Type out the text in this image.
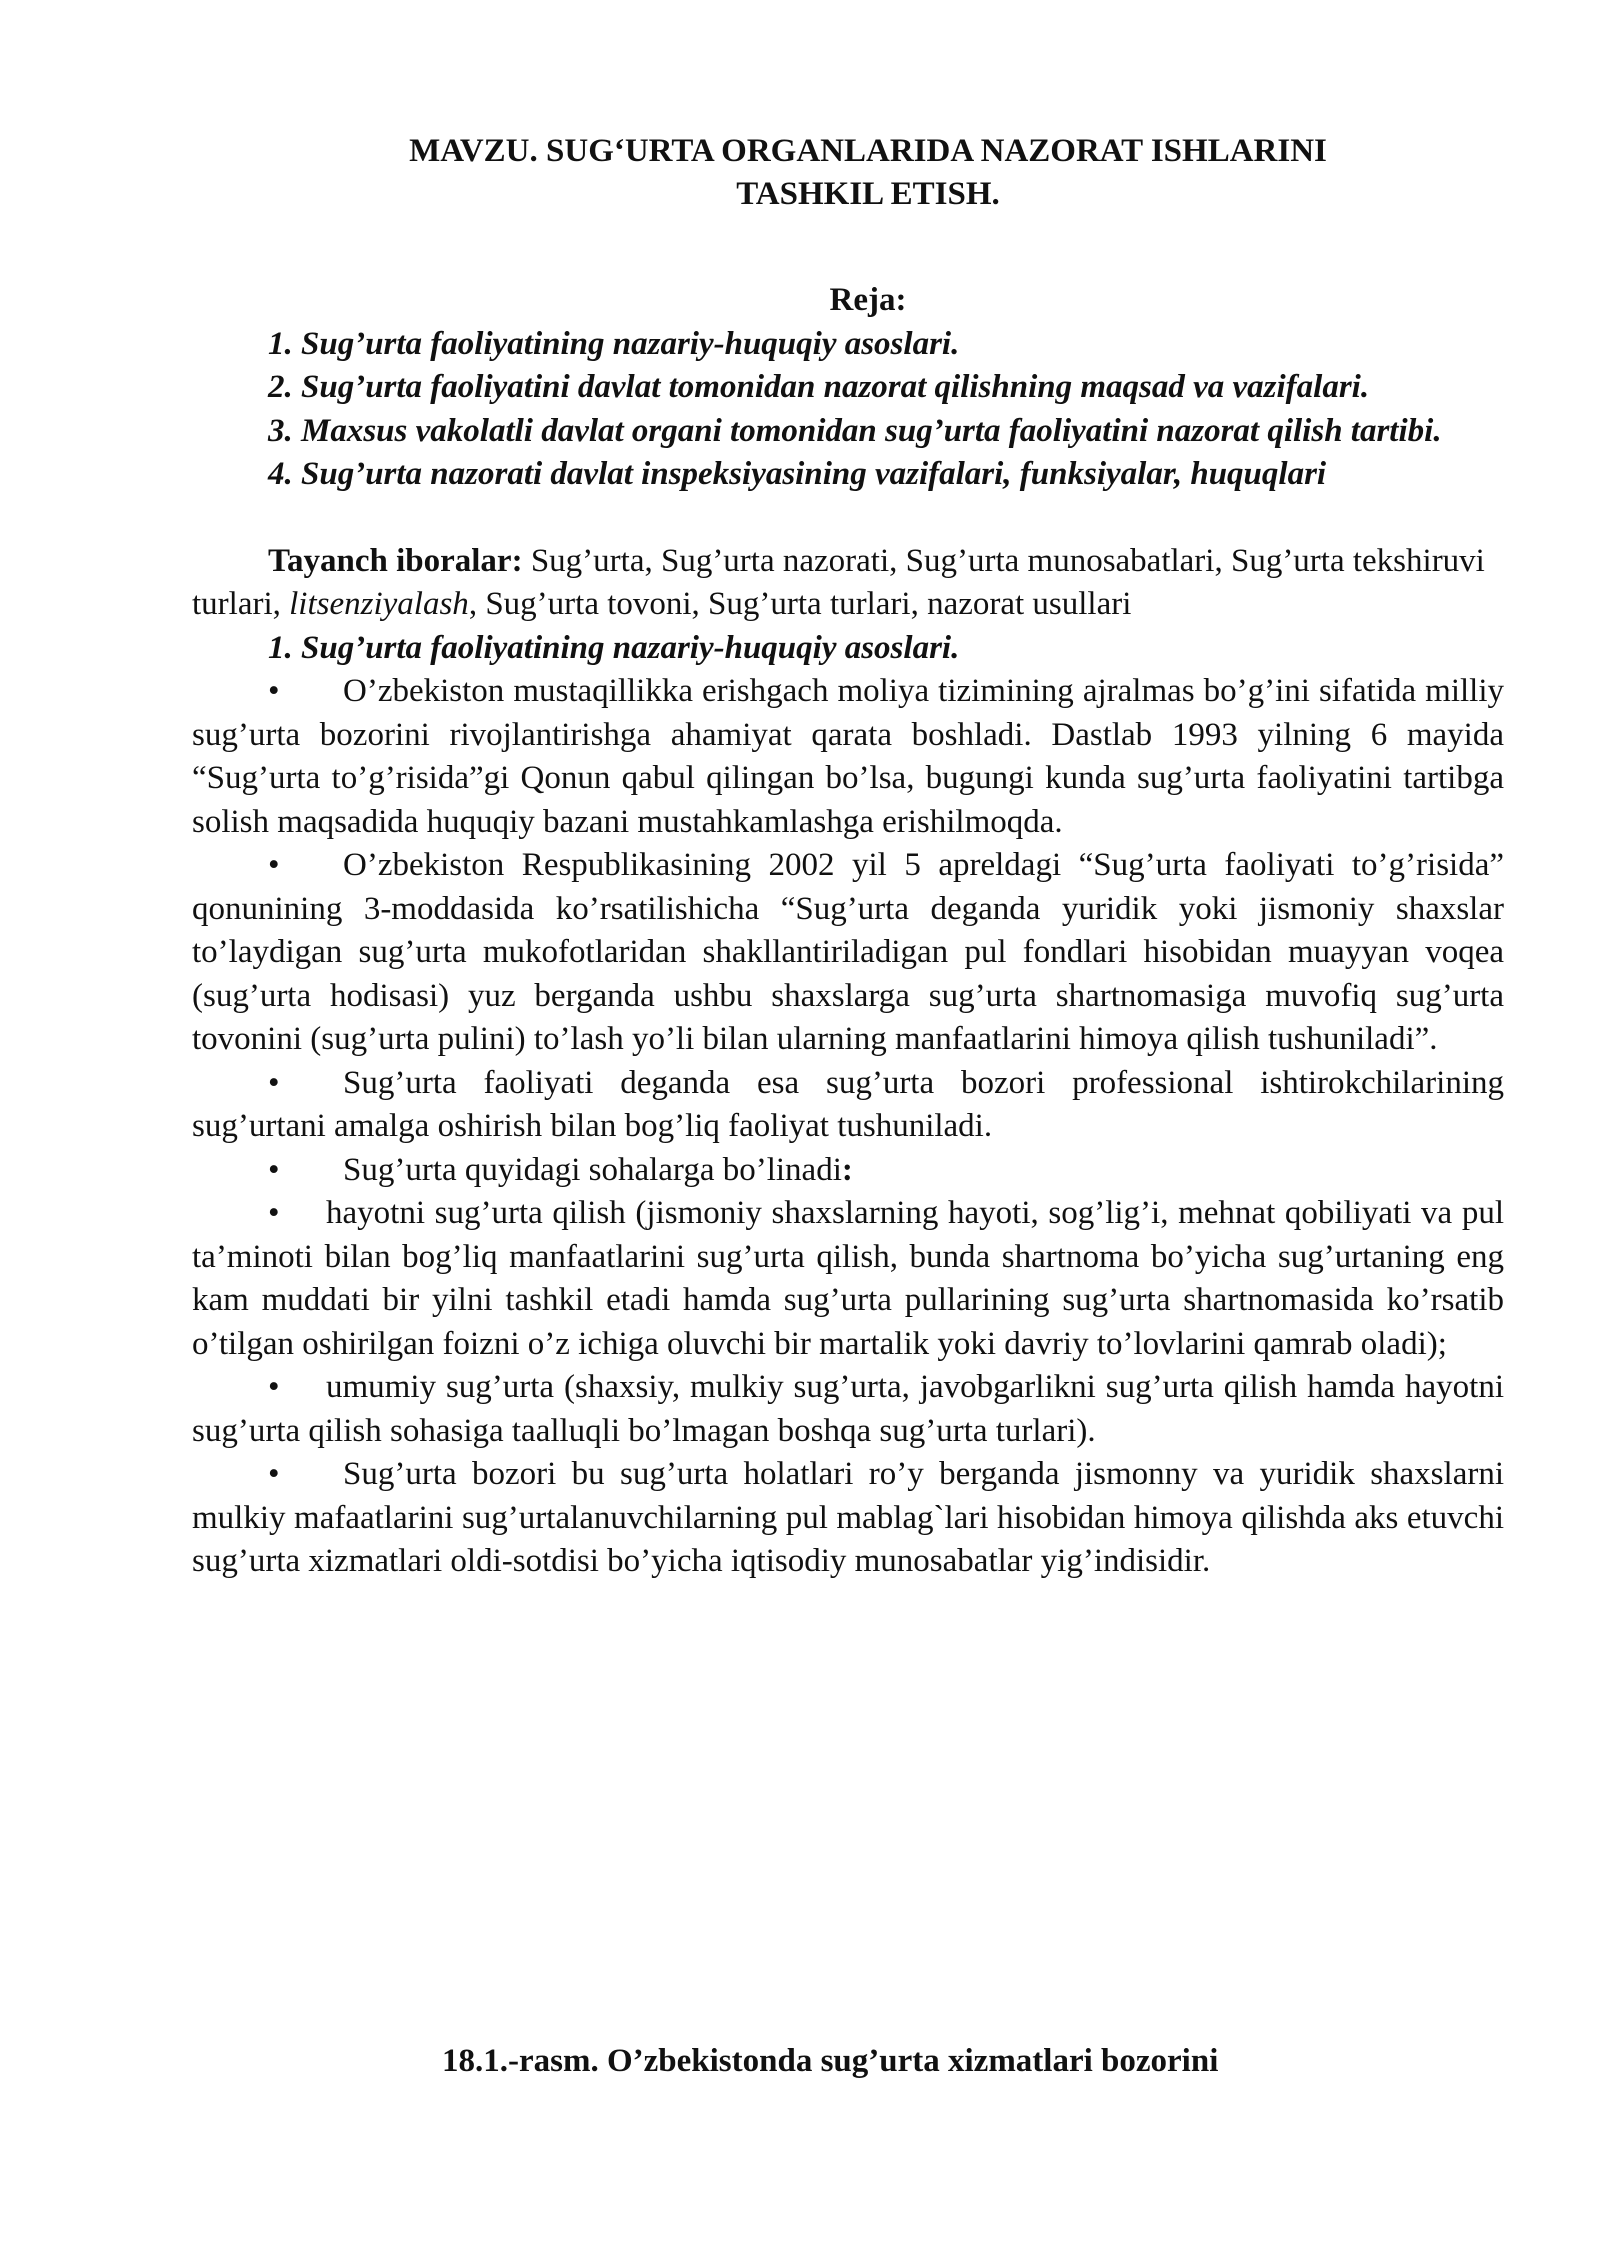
MAVZU. SUG‘URTA ORGANLARIDA NAZORAT ISHLARINI
TASHKIL ETISH.
Reja:
1. Sug’urta faoliyatining nazariy-huquqiy asoslari.
2. Sug’urta faoliyatini davlat tomonidan nazorat qilishning maqsad va vazifalari.
3. Maxsus vakolatli davlat organi tomonidan sug’urta faoliyatini nazorat qilish tartibi.
4. Sug’urta nazorati davlat inspeksiyasining vazifalari, funksiyalar, huquqlari
Tayanch iboralar: Sug’urta, Sug’urta nazorati, Sug’urta munosabatlari, Sug’urta tekshiruvi turlari, litsenziyalash, Sug’urta tovoni, Sug’urta turlari, nazorat usullari
1. Sug’urta faoliyatining nazariy-huquqiy asoslari.

• O’zbekiston mustaqillikka erishgach moliya tizimining ajralmas bo’g’ini sifatida milliy sug’urta bozorini rivojlantirishga ahamiyat qarata boshladi. Dastlab 1993 yilning 6 mayida “Sug’urta to’g’risida”gi Qonun qabul qilingan bo’lsa, bugungi kunda sug’urta faoliyatini tartibga solish maqsadida huquqiy bazani mustahkamlashga erishilmoqda.

• O’zbekiston Respublikasining 2002 yil 5 apreldagi “Sug’urta faoliyati to’g’risida” qonunining 3-moddasida ko’rsatilishicha “Sug’urta deganda yuridik yoki jismoniy shaxslar to’laydigan sug’urta mukofotlaridan shakllantiriladigan pul fondlari hisobidan muayyan voqea (sug’urta hodisasi) yuz berganda ushbu shaxslarga sug’urta shartnomasiga muvofiq sug’urta tovonini (sug’urta pulini) to’lash yo’li bilan ularning manfaatlarini himoya qilish tushuniladi”.

• Sug’urta faoliyati deganda esa sug’urta bozori professional ishtirokchilarining sug’urtani amalga oshirish bilan bog’liq faoliyat tushuniladi.

• Sug’urta quyidagi sohalarga bo’linadi:

• hayotni sug’urta qilish (jismoniy shaxslarning hayoti, sog’lig’i, mehnat qobiliyati va pul ta’minoti bilan bog’liq manfaatlarini sug’urta qilish, bunda shartnoma bo’yicha sug’urtaning eng kam muddati bir yilni tashkil etadi hamda sug’urta pullarining sug’urta shartnomasida ko’rsatib o’tilgan oshirilgan foizni o’z ichiga oluvchi bir martalik yoki davriy to’lovlarini qamrab oladi);

• umumiy sug’urta (shaxsiy, mulkiy sug’urta, javobgarlikni sug’urta qilish hamda hayotni sug’urta qilish sohasiga taalluqli bo’lmagan boshqa sug’urta turlari).

• Sug’urta bozori bu sug’urta holatlari ro’y berganda jismonny va yuridik shaxslarni mulkiy mafaatlarini sug’urtalanuvchilarning pul mablag`lari hisobidan himoya qilishda aks etuvchi sug’urta xizmatlari oldi-sotdisi bo’yicha iqtisodiy munosabatlar yig’indisidir.

18.1.-rasm. O’zbekistonda sug’urta xizmatlari bozorini
